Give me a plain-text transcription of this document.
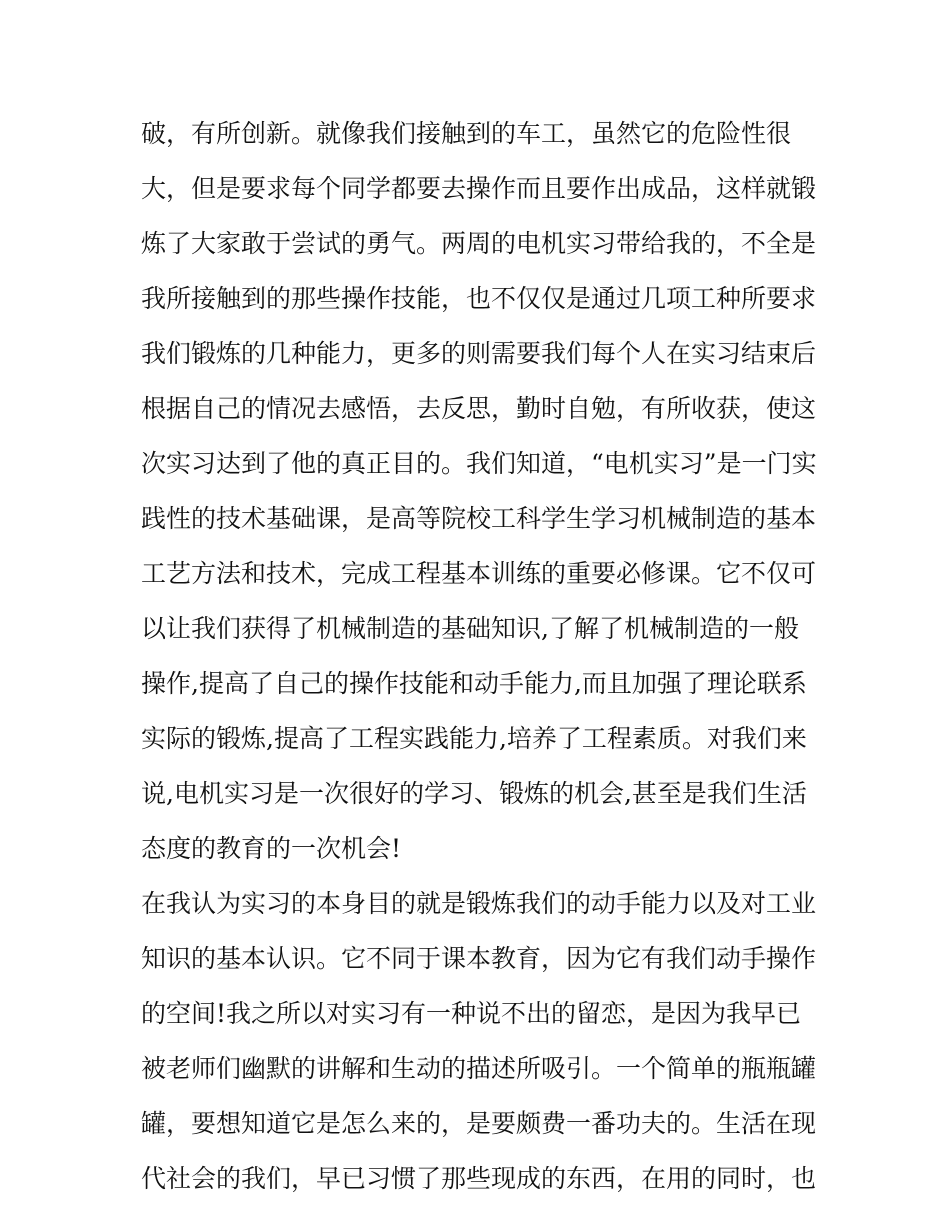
破，有所创新。就像我们接触到的车工，虽然它的危险性很
大，但是要求每个同学都要去操作而且要作出成品，这样就锻
炼了大家敢于尝试的勇气。两周的电机实习带给我的，不全是
我所接触到的那些操作技能，也不仅仅是通过几项工种所要求
我们锻炼的几种能力，更多的则需要我们每个人在实习结束后
根据自己的情况去感悟，去反思，勤时自勉，有所收获，使这
次实习达到了他的真正目的。我们知道，“电机实习”是一门实
践性的技术基础课，是高等院校工科学生学习机械制造的基本
工艺方法和技术，完成工程基本训练的重要必修课。它不仅可
以让我们获得了机械制造的基础知识,了解了机械制造的一般
操作,提高了自己的操作技能和动手能力,而且加强了理论联系
实际的锻炼,提高了工程实践能力,培养了工程素质。对我们来
说,电机实习是一次很好的学习、锻炼的机会,甚至是我们生活
态度的教育的一次机会!
在我认为实习的本身目的就是锻炼我们的动手能力以及对工业
知识的基本认识。它不同于课本教育，因为它有我们动手操作
的空间!我之所以对实习有一种说不出的留恋，是因为我早已
被老师们幽默的讲解和生动的描述所吸引。一个简单的瓶瓶罐
罐，要想知道它是怎么来的，是要颇费一番功夫的。生活在现
代社会的我们，早已习惯了那些现成的东西，在用的同时，也
